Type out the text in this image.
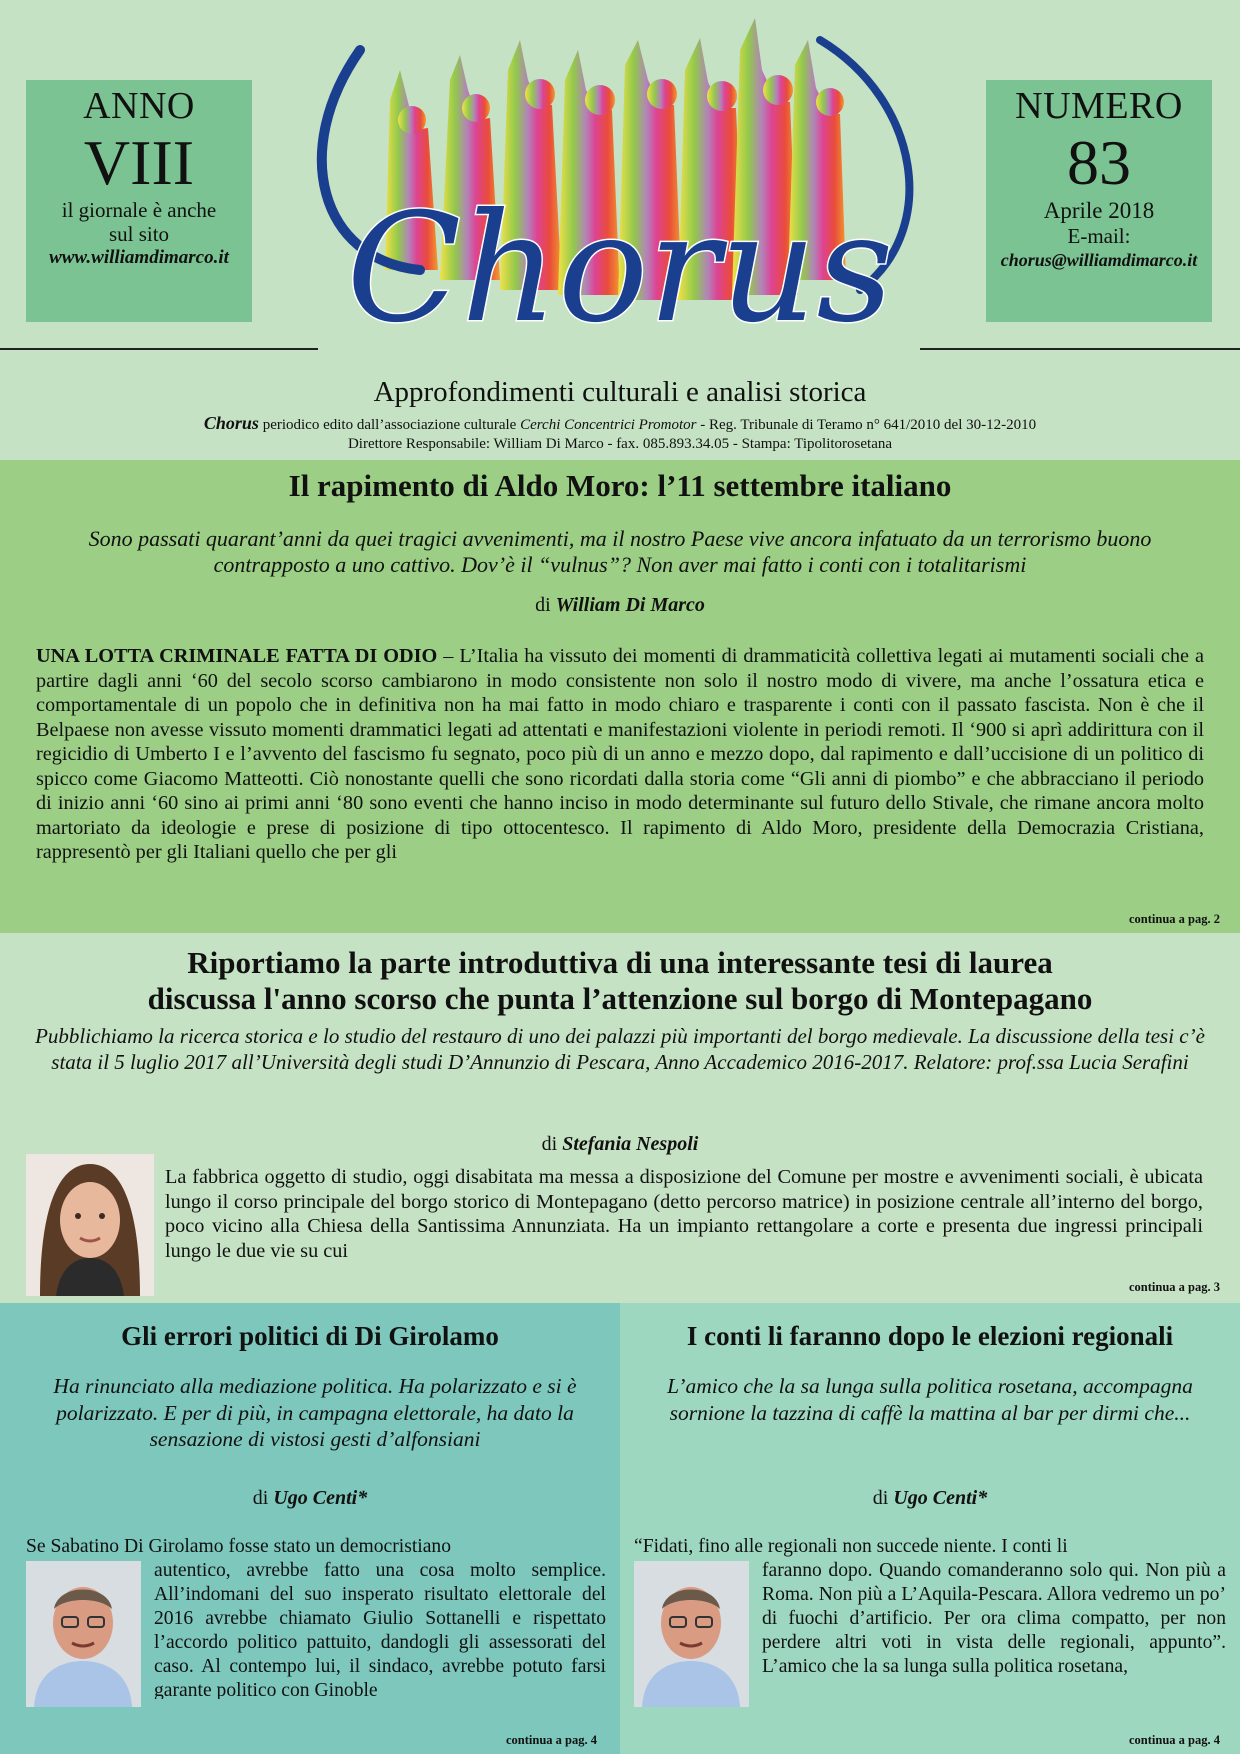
ANNO
VIII
il giornale è anche
sul sito
www.williamdimarco.it
NUMERO
83
Aprile 2018
E-mail:
chorus@williamdimarco.it
Chorus
Approfondimenti culturali e analisi storica
Chorus periodico edito dall’associazione culturale Cerchi Concentrici Promotor - Reg. Tribunale di Teramo n° 641/2010 del 30-12-2010
Direttore Responsabile: William Di Marco - fax. 085.893.34.05 - Stampa: Tipolitorosetana
Il rapimento di Aldo Moro: l’11 settembre italiano
Sono passati quarant’anni da quei tragici avvenimenti, ma il nostro Paese vive ancora infatuato da un terrorismo buono contrapposto a uno cattivo. Dov’è il “vulnus”? Non aver mai fatto i conti con i totalitarismi
di William Di Marco
UNA LOTTA CRIMINALE FATTA DI ODIO – L’Italia ha vissuto dei momenti di drammaticità collettiva legati ai mutamenti sociali che a partire dagli anni ‘60 del secolo scorso cambiarono in modo consistente non solo il nostro modo di vivere, ma anche l’ossatura etica e comportamentale di un popolo che in definitiva non ha mai fatto in modo chiaro e trasparente i conti con il passato fascista. Non è che il Belpaese non avesse vissuto momenti drammatici legati ad attentati e manifestazioni violente in periodi remoti. Il ‘900 si aprì addirittura con il regicidio di Umberto I e l’avvento del fascismo fu segnato, poco più di un anno e mezzo dopo, dal rapimento e dall’uccisione di un politico di spicco come Giacomo Matteotti. Ciò nonostante quelli che sono ricordati dalla storia come “Gli anni di piombo” e che abbracciano il periodo di inizio anni ‘60 sino ai primi anni ‘80 sono eventi che hanno inciso in modo determinante sul futuro dello Stivale, che rimane ancora molto martoriato da ideologie e prese di posizione di tipo ottocentesco. Il rapimento di Aldo Moro, presidente della Democrazia Cristiana, rappresentò per gli Italiani quello che per gli
continua a pag. 2
Riportiamo la parte introduttiva di una interessante tesi di laurea
discussa l'anno scorso che punta l’attenzione sul borgo di Montepagano
Pubblichiamo la ricerca storica e lo studio del restauro di uno dei palazzi più importanti del borgo medievale. La discussione della tesi c’è stata il 5 luglio 2017 all’Università degli studi D’Annunzio di Pescara, Anno Accademico 2016-2017. Relatore: prof.ssa Lucia Serafini
di Stefania Nespoli
La fabbrica oggetto di studio, oggi disabitata ma messa a disposizione del Comune per mostre e avvenimenti sociali, è ubicata lungo il corso principale del borgo storico di Montepagano (detto percorso matrice) in posizione centrale all’interno del borgo, poco vicino alla Chiesa della Santissima Annunziata. Ha un impianto rettangolare a corte e presenta due ingressi principali lungo le due vie su cui
continua a pag. 3
Gli errori politici di Di Girolamo
Ha rinunciato alla mediazione politica. Ha polarizzato e si è polarizzato. E per di più, in campagna elettorale, ha dato la sensazione di vistosi gesti d’alfonsiani
di Ugo Centi*
Se Sabatino Di Girolamo fosse stato un democristiano
autentico, avrebbe fatto una cosa molto semplice. All’indomani del suo insperato risultato elettorale del 2016 avrebbe chiamato Giulio Sottanelli e rispettato l’accordo politico pattuito, dandogli gli assessorati del caso. Al contempo lui, il sindaco, avrebbe potuto farsi garante politico con Ginoble
continua a pag. 4
I conti li faranno dopo le elezioni regionali
L’amico che la sa lunga sulla politica rosetana, accompagna sornione la tazzina di caffè la mattina al bar per dirmi che...
di Ugo Centi*
“Fidati, fino alle regionali non succede niente. I conti li
faranno dopo. Quando comanderanno solo qui. Non più a Roma. Non più a L’Aquila-Pescara. Allora vedremo un po’ di fuochi d’artificio. Per ora clima compatto, per non perdere altri voti in vista delle regionali, appunto”. L’amico che la sa lunga sulla politica rosetana,
continua a pag. 4
